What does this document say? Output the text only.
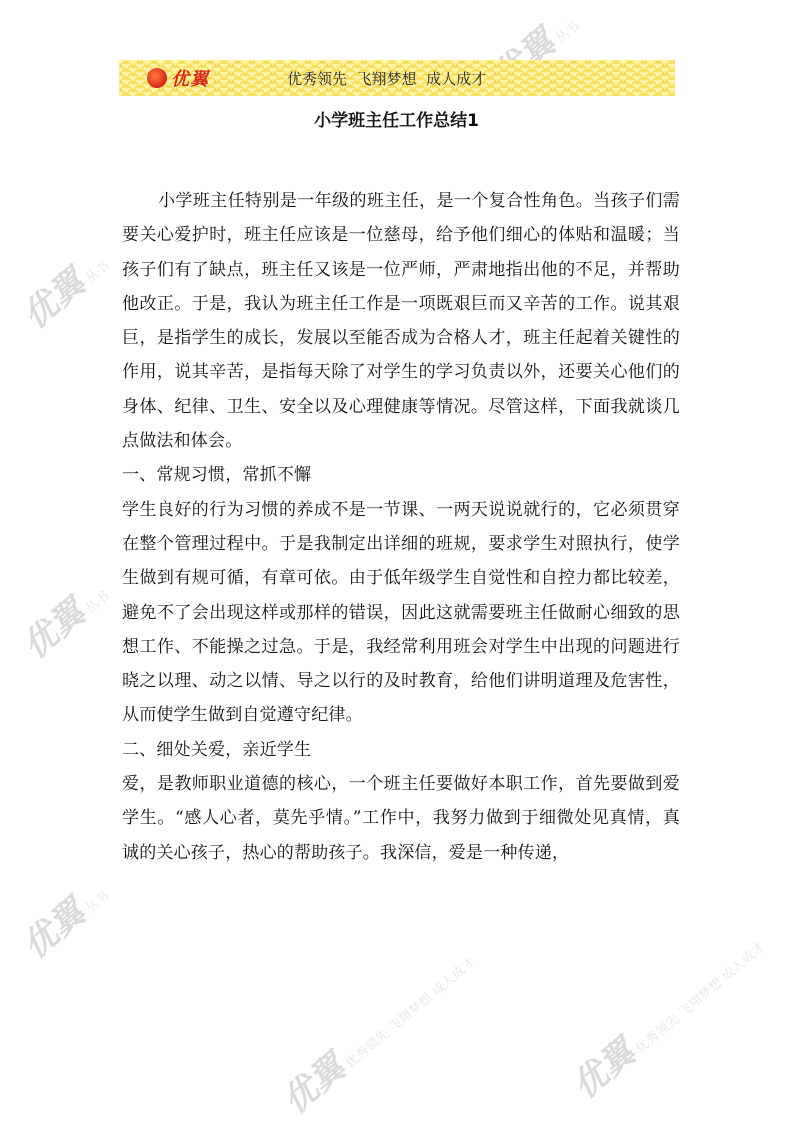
丛书
优翼丛书
优翼丛书
优翼丛书
优翼优秀领先 飞翔梦想 成人成才
优翼优秀领先 飞翔梦想 成人成才
优翼	优秀领先  飞翔梦想  成人成才
小学班主任工作总结1

小学班主任特别是一年级的班主任，是一个复合性角色。当孩子们需要关心爱护时，班主任应该是一位慈母，给予他们细心的体贴和温暖；当孩子们有了缺点，班主任又该是一位严师，严肃地指出他的不足，并帮助他改正。于是，我认为班主任工作是一项既艰巨而又辛苦的工作。说其艰巨，是指学生的成长，发展以至能否成为合格人才，班主任起着关键性的作用，说其辛苦，是指每天除了对学生的学习负责以外，还要关心他们的身体、纪律、卫生、安全以及心理健康等情况。尽管这样，下面我就谈几点做法和体会。

一、常规习惯，常抓不懈

学生良好的行为习惯的养成不是一节课、一两天说说就行的，它必须贯穿在整个管理过程中。于是我制定出详细的班规，要求学生对照执行，使学生做到有规可循，有章可依。由于低年级学生自觉性和自控力都比较差，避免不了会出现这样或那样的错误，因此这就需要班主任做耐心细致的思想工作、不能操之过急。于是，我经常利用班会对学生中出现的问题进行晓之以理、动之以情、导之以行的及时教育，给他们讲明道理及危害性，从而使学生做到自觉遵守纪律。

二、细处关爱，亲近学生

爱，是教师职业道德的核心，一个班主任要做好本职工作，首先要做到爱学生。“感人心者，莫先乎情。”工作中，我努力做到于细微处见真情，真诚的关心孩子，热心的帮助孩子。我深信，爱是一种传递，
